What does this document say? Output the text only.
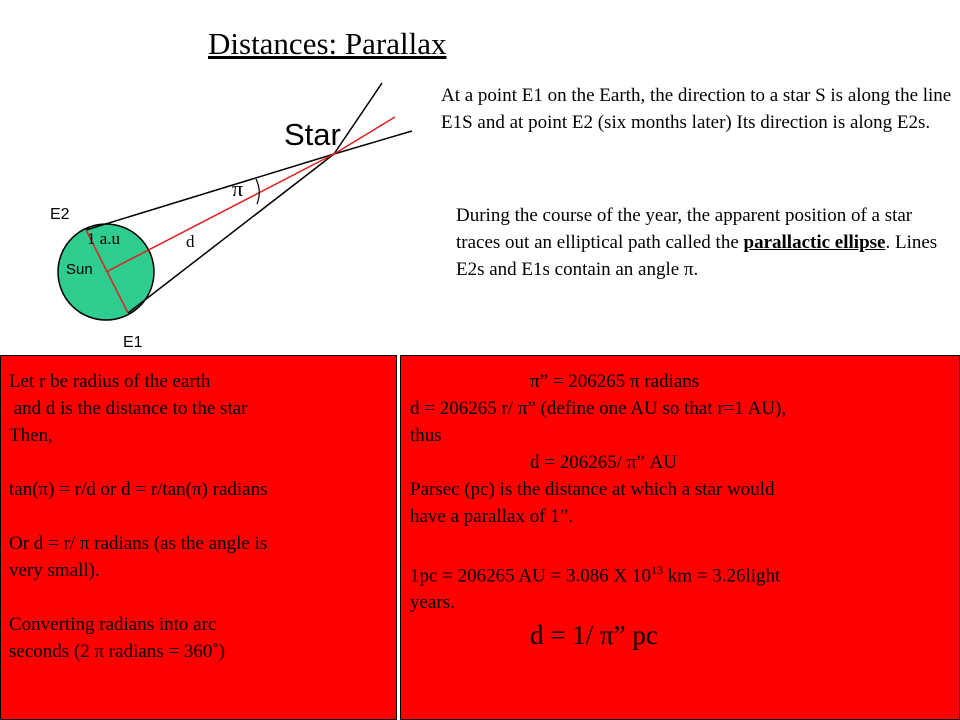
Distances: Parallax
Star
π
E2
1 a.u	d
Sun
E1
At a point E1 on the Earth, the direction to a star S is along the line E1S and at point E2 (six months later) Its direction is along E2s.
During the course of the year, the apparent position of a star traces out an elliptical path called the parallactic ellipse. Lines E2s and E1s contain an angle π.
Let r be radius of the earth
and d is the distance to the star
Then,
tan(π) = r/d or d = r/tan(π) radians
Or d = r/ π radians (as the angle is
very small).
Converting radians into arc
seconds (2 π radians = 360˚)
π” = 206265 π radians
d = 206265 r/ π” (define one AU so that r=1 AU),
thus
d = 206265/ π” AU
Parsec (pc) is the distance at which a star would
have a parallax of 1”.
1pc = 206265 AU = 3.086 X $10^{13}$ km = 3.26light
years.
d = 1/ π” pc
